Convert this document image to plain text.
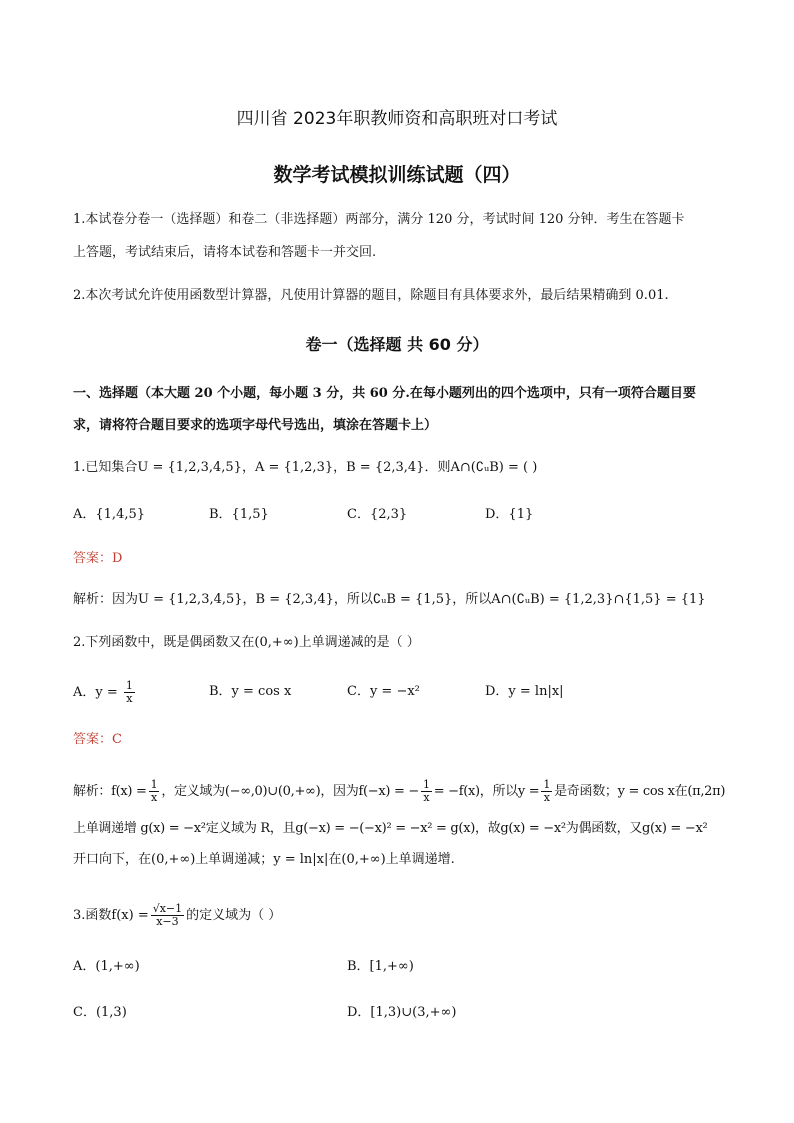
四川省 2023年职教师资和高职班对口考试
数学考试模拟训练试题（四）
1.本试卷分卷一（选择题）和卷二（非选择题）两部分，满分 120 分，考试时间 120 分钟．考生在答题卡
上答题，考试结束后，请将本试卷和答题卡一并交回.
2.本次考试允许使用函数型计算器，凡使用计算器的题目，除题目有具体要求外，最后结果精确到 0.01.
卷一（选择题 共 60 分）
一、选择题（本大题 20 个小题，每小题 3 分，共 60 分.在每小题列出的四个选项中，只有一项符合题目要
求，请将符合题目要求的选项字母代号选出，填涂在答题卡上）
1.已知集合U = {1,2,3,4,5}，A = {1,2,3}，B = {2,3,4}．则A∩(∁ᵤB) = ( )
A．{1,4,5}	B．{1,5}	C．{2,3}	D．{1}
答案：D
解析：因为U = {1,2,3,4,5}，B = {2,3,4}，所以∁ᵤB = {1,5}，所以A∩(∁ᵤB) = {1,2,3}∩{1,5} = {1}
2.下列函数中，既是偶函数又在(0,+∞)上单调递减的是（ ）
A．$y = \frac{1}{x}$	B．y = cos x	C．y = −x²	D．y = ln|x|
答案：C
解析：$f(x) = \frac{1}{x}$ ，定义域为(−∞,0)∪(0,+∞)，因为f(−x) = − $\frac{1}{x} = -f(x)$，所以$y = \frac{1}{x}$ 是奇函数；y = cos x在(π,2π)
上单调递增 g(x) = −x²定义域为 R，且g(−x) = −(−x)² = −x² = g(x)，故g(x) = −x²为偶函数，又g(x) = −x²
开口向下，在(0,+∞)上单调递减；y = ln|x|在(0,+∞)上单调递增.
3.函数$f(x) = \frac{√x-1}{x-3}$ 的定义域为（ ）
A．(1,+∞)	B．[1,+∞)
C．(1,3)	D．[1,3)∪(3,+∞)
